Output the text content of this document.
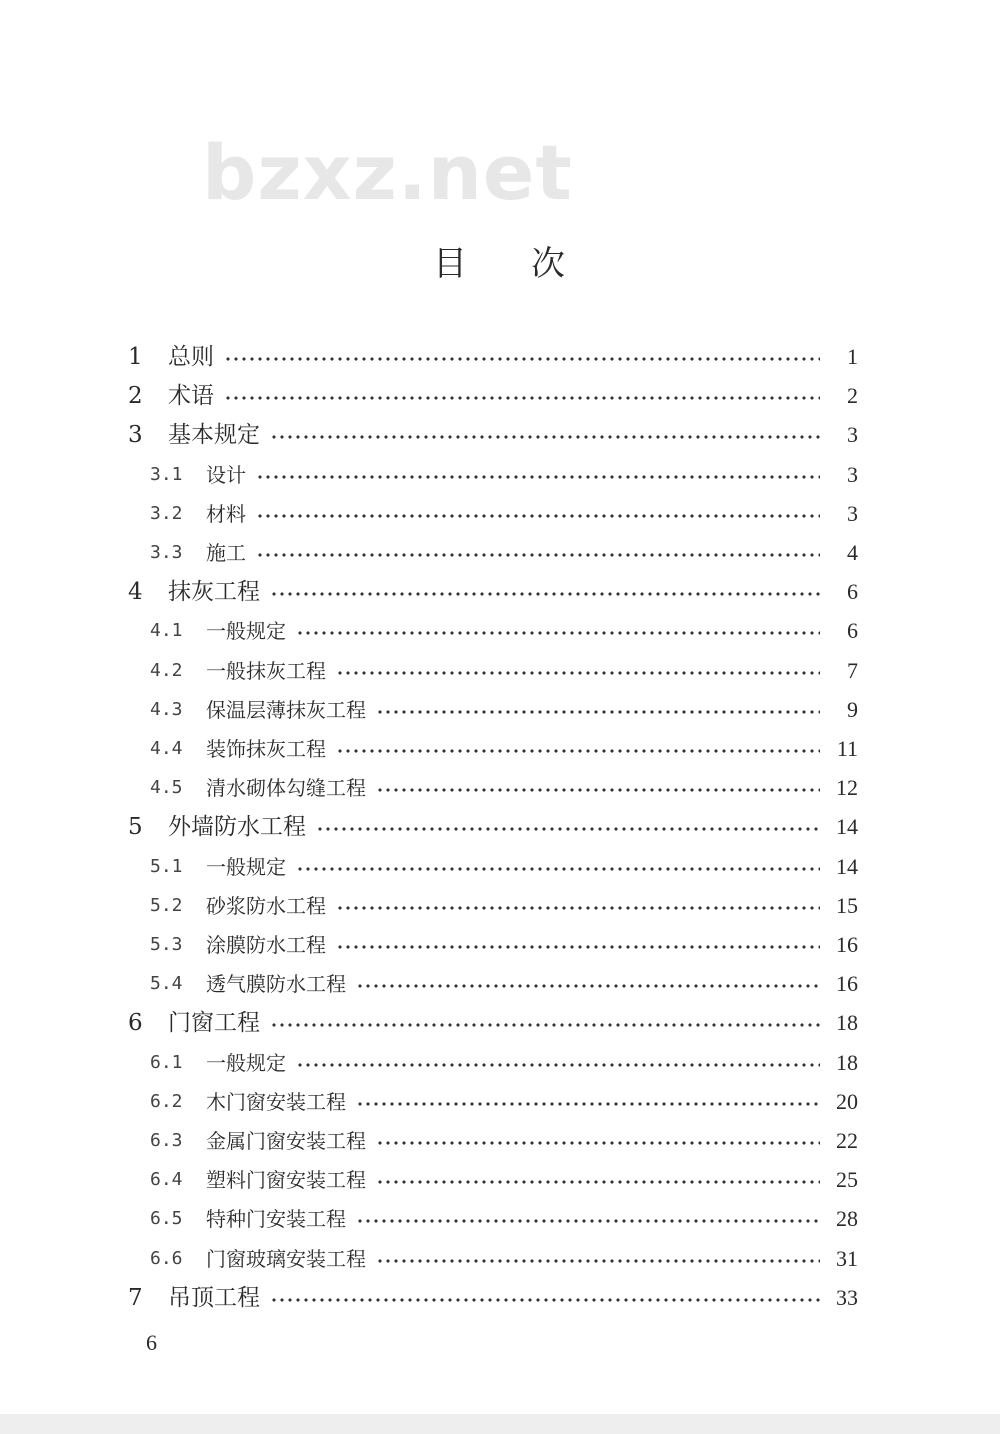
bzxz.net
目 次
1	总则	1
2	术语	2
3	基本规定	3
3.1	设计	3
3.2	材料	3
3.3	施工	4
4	抹灰工程	6
4.1	一般规定	6
4.2	一般抹灰工程	7
4.3	保温层薄抹灰工程	9
4.4	装饰抹灰工程	11
4.5	清水砌体勾缝工程	12
5	外墙防水工程	14
5.1	一般规定	14
5.2	砂浆防水工程	15
5.3	涂膜防水工程	16
5.4	透气膜防水工程	16
6	门窗工程	18
6.1	一般规定	18
6.2	木门窗安装工程	20
6.3	金属门窗安装工程	22
6.4	塑料门窗安装工程	25
6.5	特种门安装工程	28
6.6	门窗玻璃安装工程	31
7	吊顶工程	33
6
